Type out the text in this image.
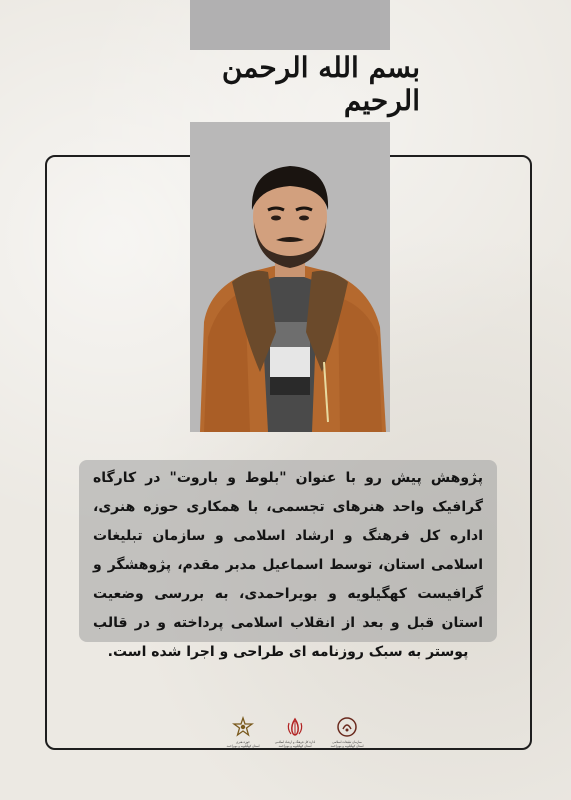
بسم الله الرحمن الرحیم

پژوهش پیش رو با عنوان "بلوط و باروت" در کارگاه گرافیک واحد هنرهای تجسمی، با همکاری حوزه هنری، اداره کل فرهنگ و ارشاد اسلامی و سازمان تبلیغات اسلامی استان، توسط اسماعیل مدبر مقدم، پژوهشگر و گرافیست کهگیلویه و بویراحمدی، به بررسی وضعیت استان قبل و بعد از انقلاب اسلامی پرداخته و در قالب پوستر به سبک روزنامه ای طراحی و اجرا شده است.

سازمان تبلیغات اسلامی
استان کهگیلویه و بویراحمد
اداره کل فرهنگ و ارشاد اسلامی
استان کهگیلویه و بویراحمد
حوزه هنری
استان کهگیلویه و بویراحمد
